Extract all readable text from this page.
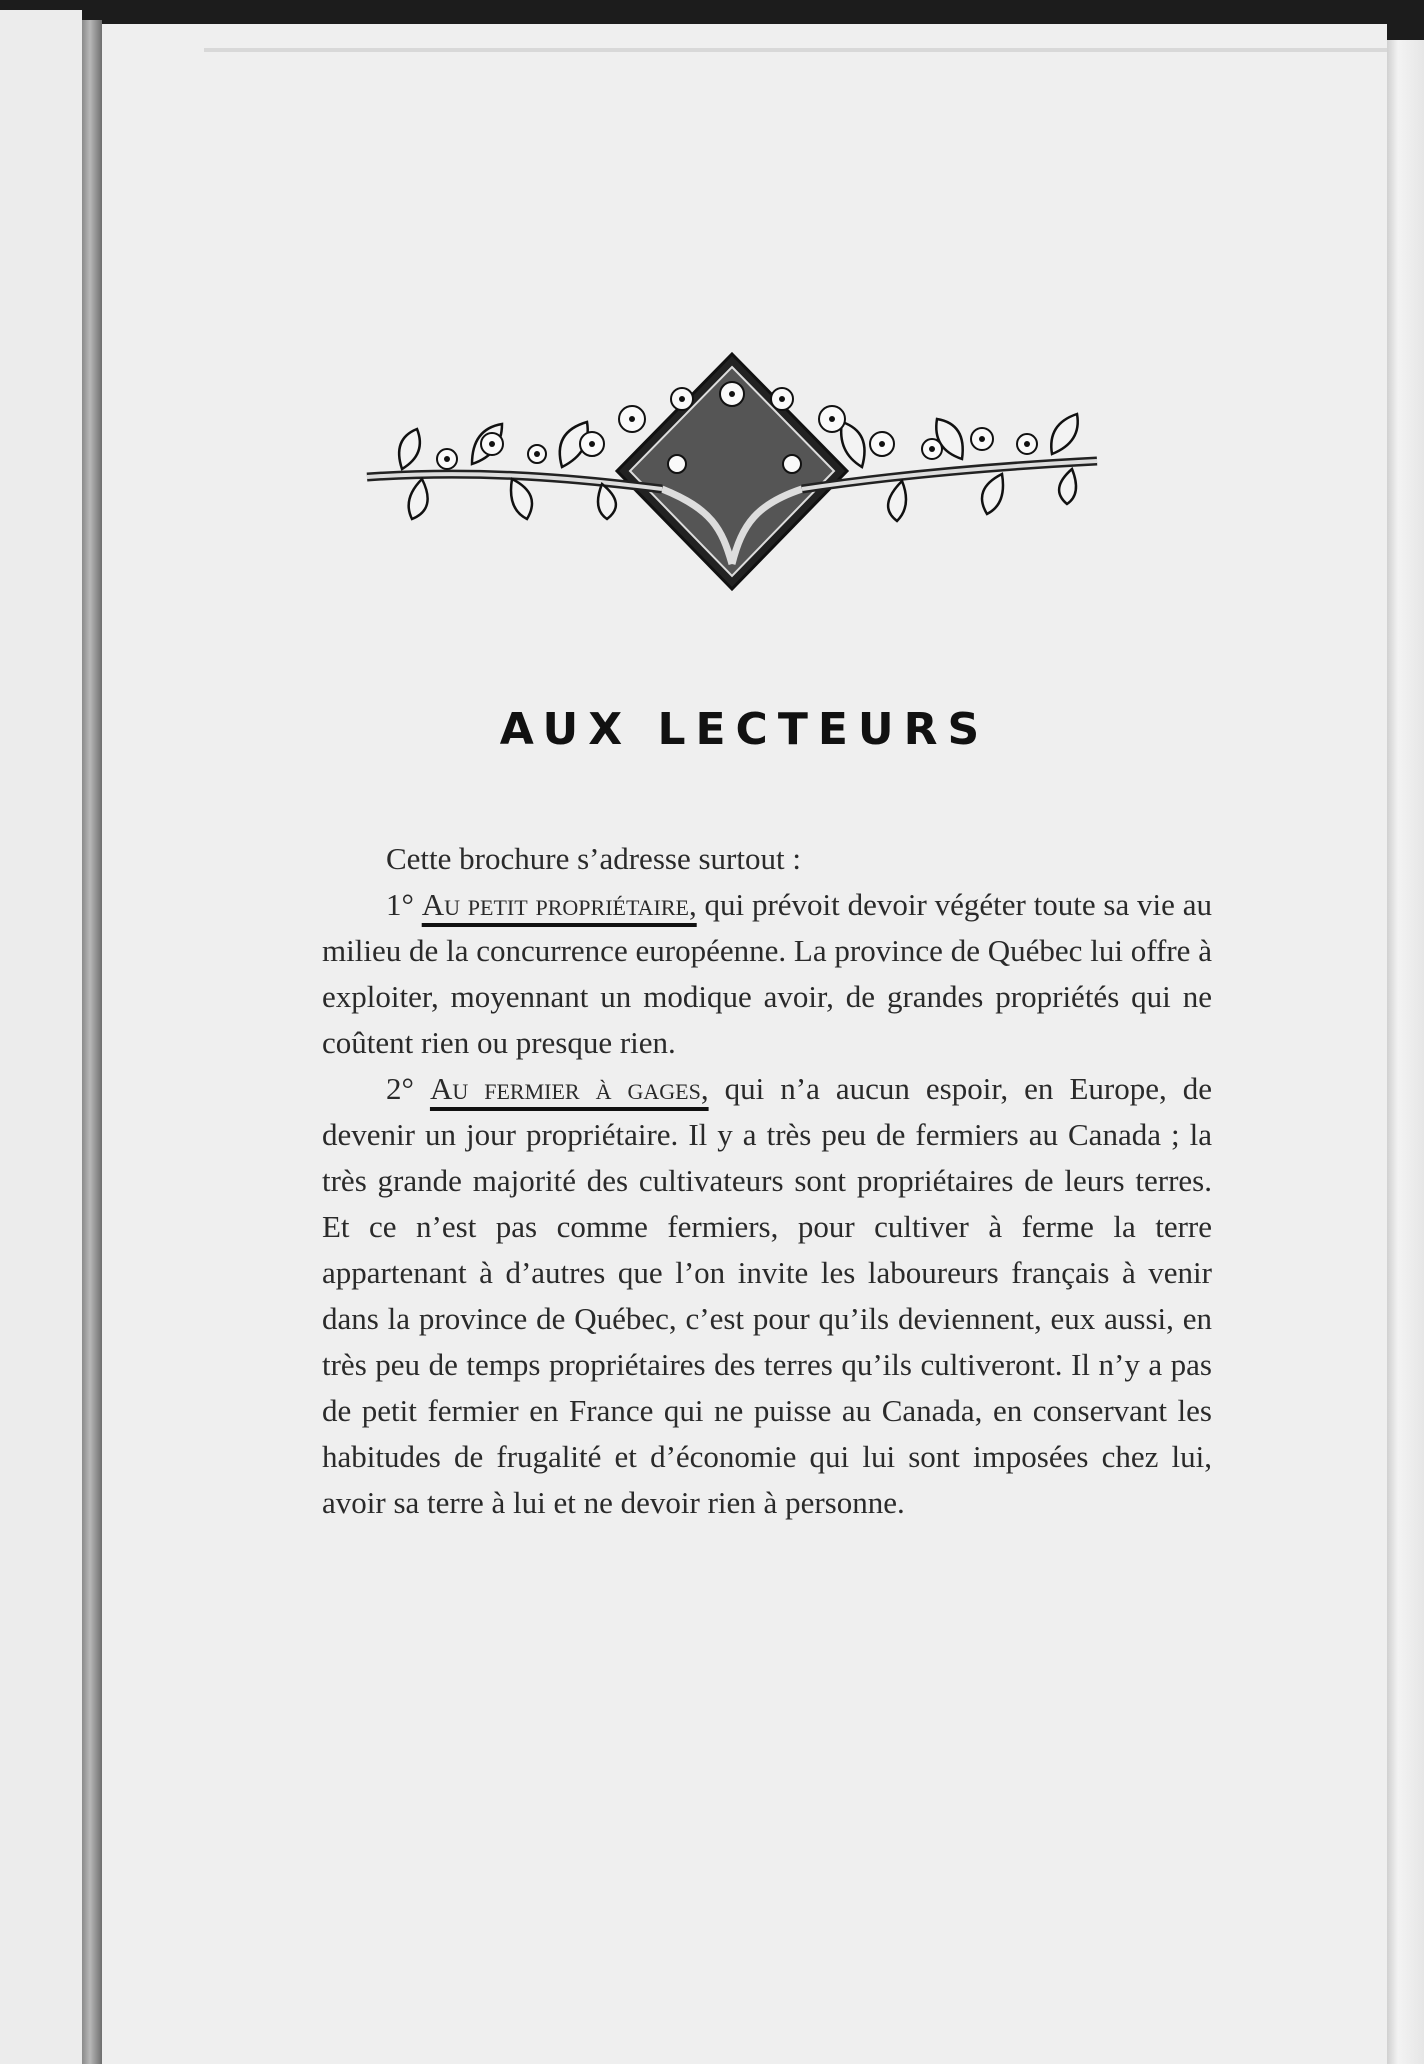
AUX LECTEURS

Cette brochure s’adresse surtout :

1° Au petit propriétaire, qui prévoit devoir végéter toute sa vie au milieu de la concurrence européenne. La province de Québec lui offre à exploiter, moyennant un modique avoir, de grandes propriétés qui ne coûtent rien ou presque rien.

2° Au fermier à gages, qui n’a aucun espoir, en Europe, de devenir un jour propriétaire. Il y a très peu de fermiers au Canada ; la très grande majorité des cultivateurs sont propriétaires de leurs terres. Et ce n’est pas comme fermiers, pour cultiver à ferme la terre appartenant à d’autres que l’on invite les laboureurs français à venir dans la province de Québec, c’est pour qu’ils deviennent, eux aussi, en très peu de temps propriétaires des terres qu’ils cultiveront. Il n’y a pas de petit fermier en France qui ne puisse au Canada, en conservant les habitudes de frugalité et d’économie qui lui sont imposées chez lui, avoir sa terre à lui et ne devoir rien à personne.
